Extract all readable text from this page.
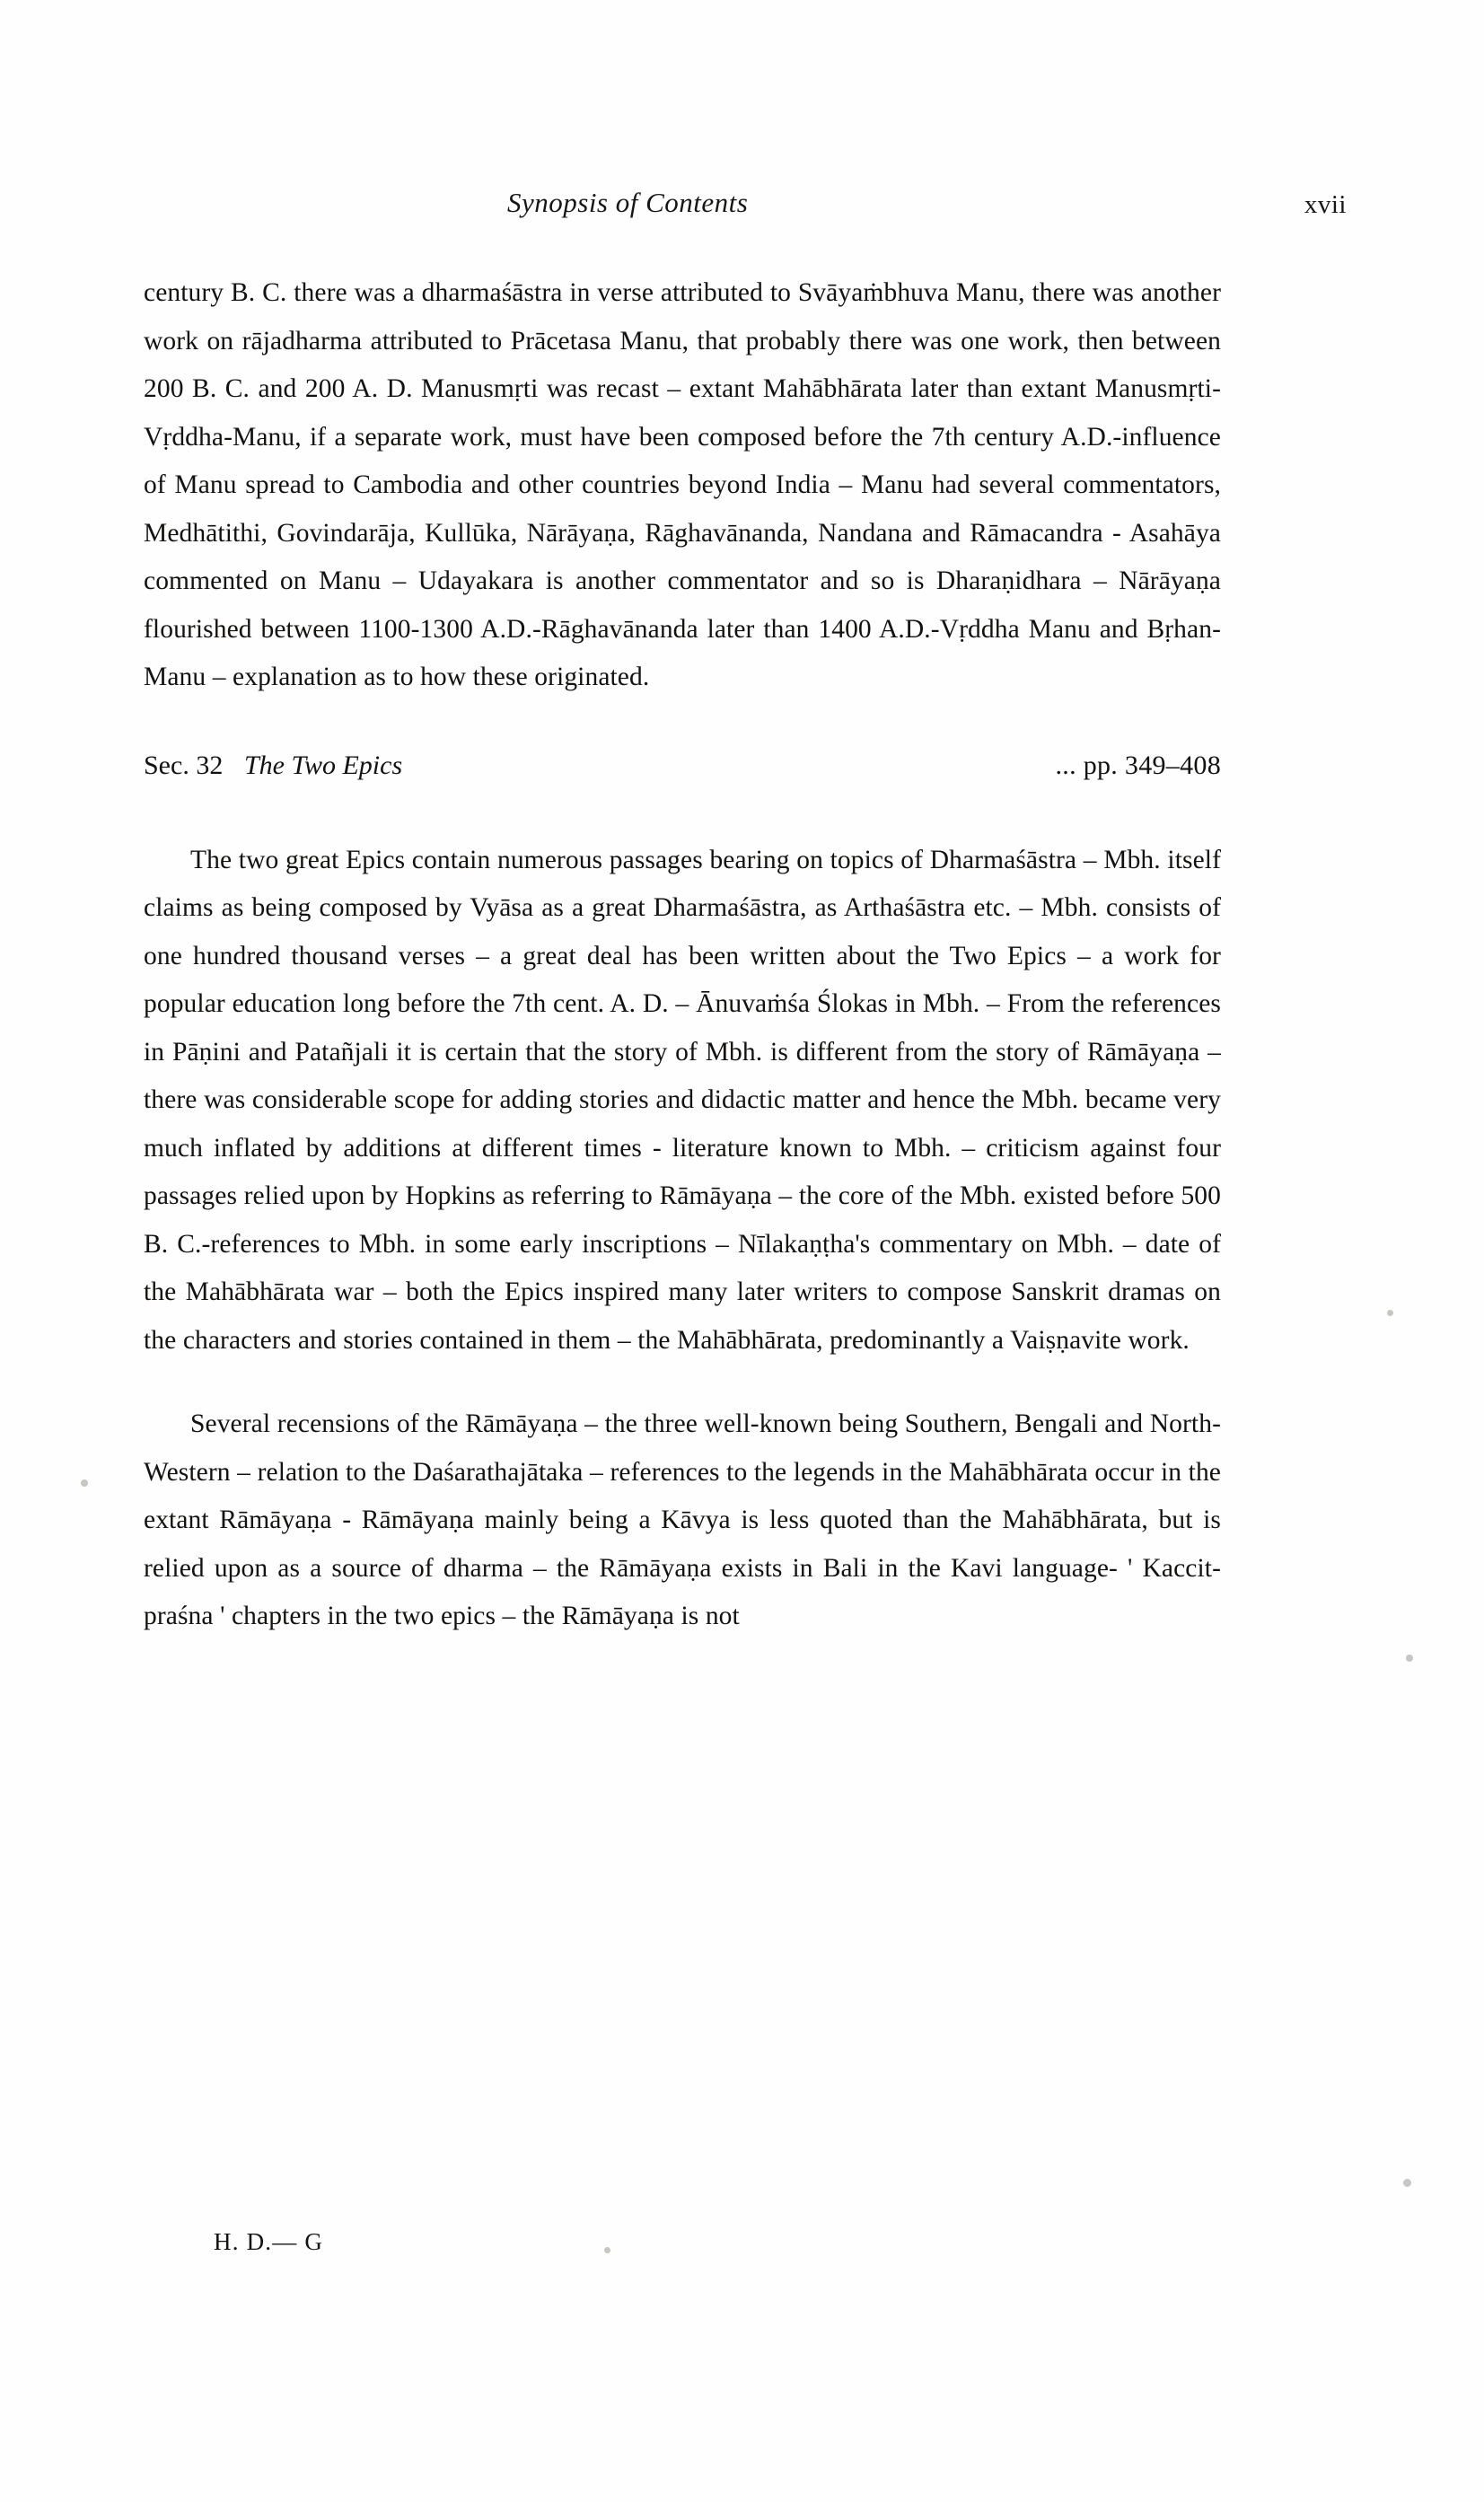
Synopsis of Contents	xvii

century B. C. there was a dharmaśāstra in verse attributed to Svāyaṁbhuva Manu, there was another work on rājadharma attributed to Prācetasa Manu, that probably there was one work, then between 200 B. C. and 200 A. D. Manusmṛti was recast – extant Mahābhārata later than extant Manusmṛti-Vṛddha-Manu, if a separate work, must have been composed before the 7th century A.D.-influence of Manu spread to Cambodia and other countries beyond India – Manu had several commentators, Medhātithi, Govindarāja, Kullūka, Nārāyaṇa, Rāghavānanda, Nandana and Rāmacandra - Asahāya commented on Manu – Udayakara is another commentator and so is Dharaṇidhara – Nārāyaṇa flourished between 1100-1300 A.D.-Rāghavānanda later than 1400 A.D.-Vṛddha Manu and Bṛhan-Manu – explanation as to how these originated.

Sec. 32 The Two Epics	... pp. 349–408

The two great Epics contain numerous passages bearing on topics of Dharmaśāstra – Mbh. itself claims as being composed by Vyāsa as a great Dharmaśāstra, as Arthaśāstra etc. – Mbh. consists of one hundred thousand verses – a great deal has been written about the Two Epics – a work for popular education long before the 7th cent. A. D. – Ānuvaṁśa Ślokas in Mbh. – From the references in Pāṇini and Patañjali it is certain that the story of Mbh. is different from the story of Rāmāyaṇa – there was considerable scope for adding stories and didactic matter and hence the Mbh. became very much inflated by additions at different times - literature known to Mbh. – criticism against four passages relied upon by Hopkins as referring to Rāmāyaṇa – the core of the Mbh. existed before 500 B. C.-references to Mbh. in some early inscriptions – Nīlakaṇṭha's commentary on Mbh. – date of the Mahābhārata war – both the Epics inspired many later writers to compose Sanskrit dramas on the characters and stories contained in them – the Mahābhārata, predominantly a Vaiṣṇavite work.

Several recensions of the Rāmāyaṇa – the three well-known being Southern, Bengali and North-Western – relation to the Daśarathajātaka – references to the legends in the Mahābhārata occur in the extant Rāmāyaṇa - Rāmāyaṇa mainly being a Kāvya is less quoted than the Mahābhārata, but is relied upon as a source of dharma – the Rāmāyaṇa exists in Bali in the Kavi language- ' Kaccit-praśna ' chapters in the two epics – the Rāmāyaṇa is not

H. D.— G
